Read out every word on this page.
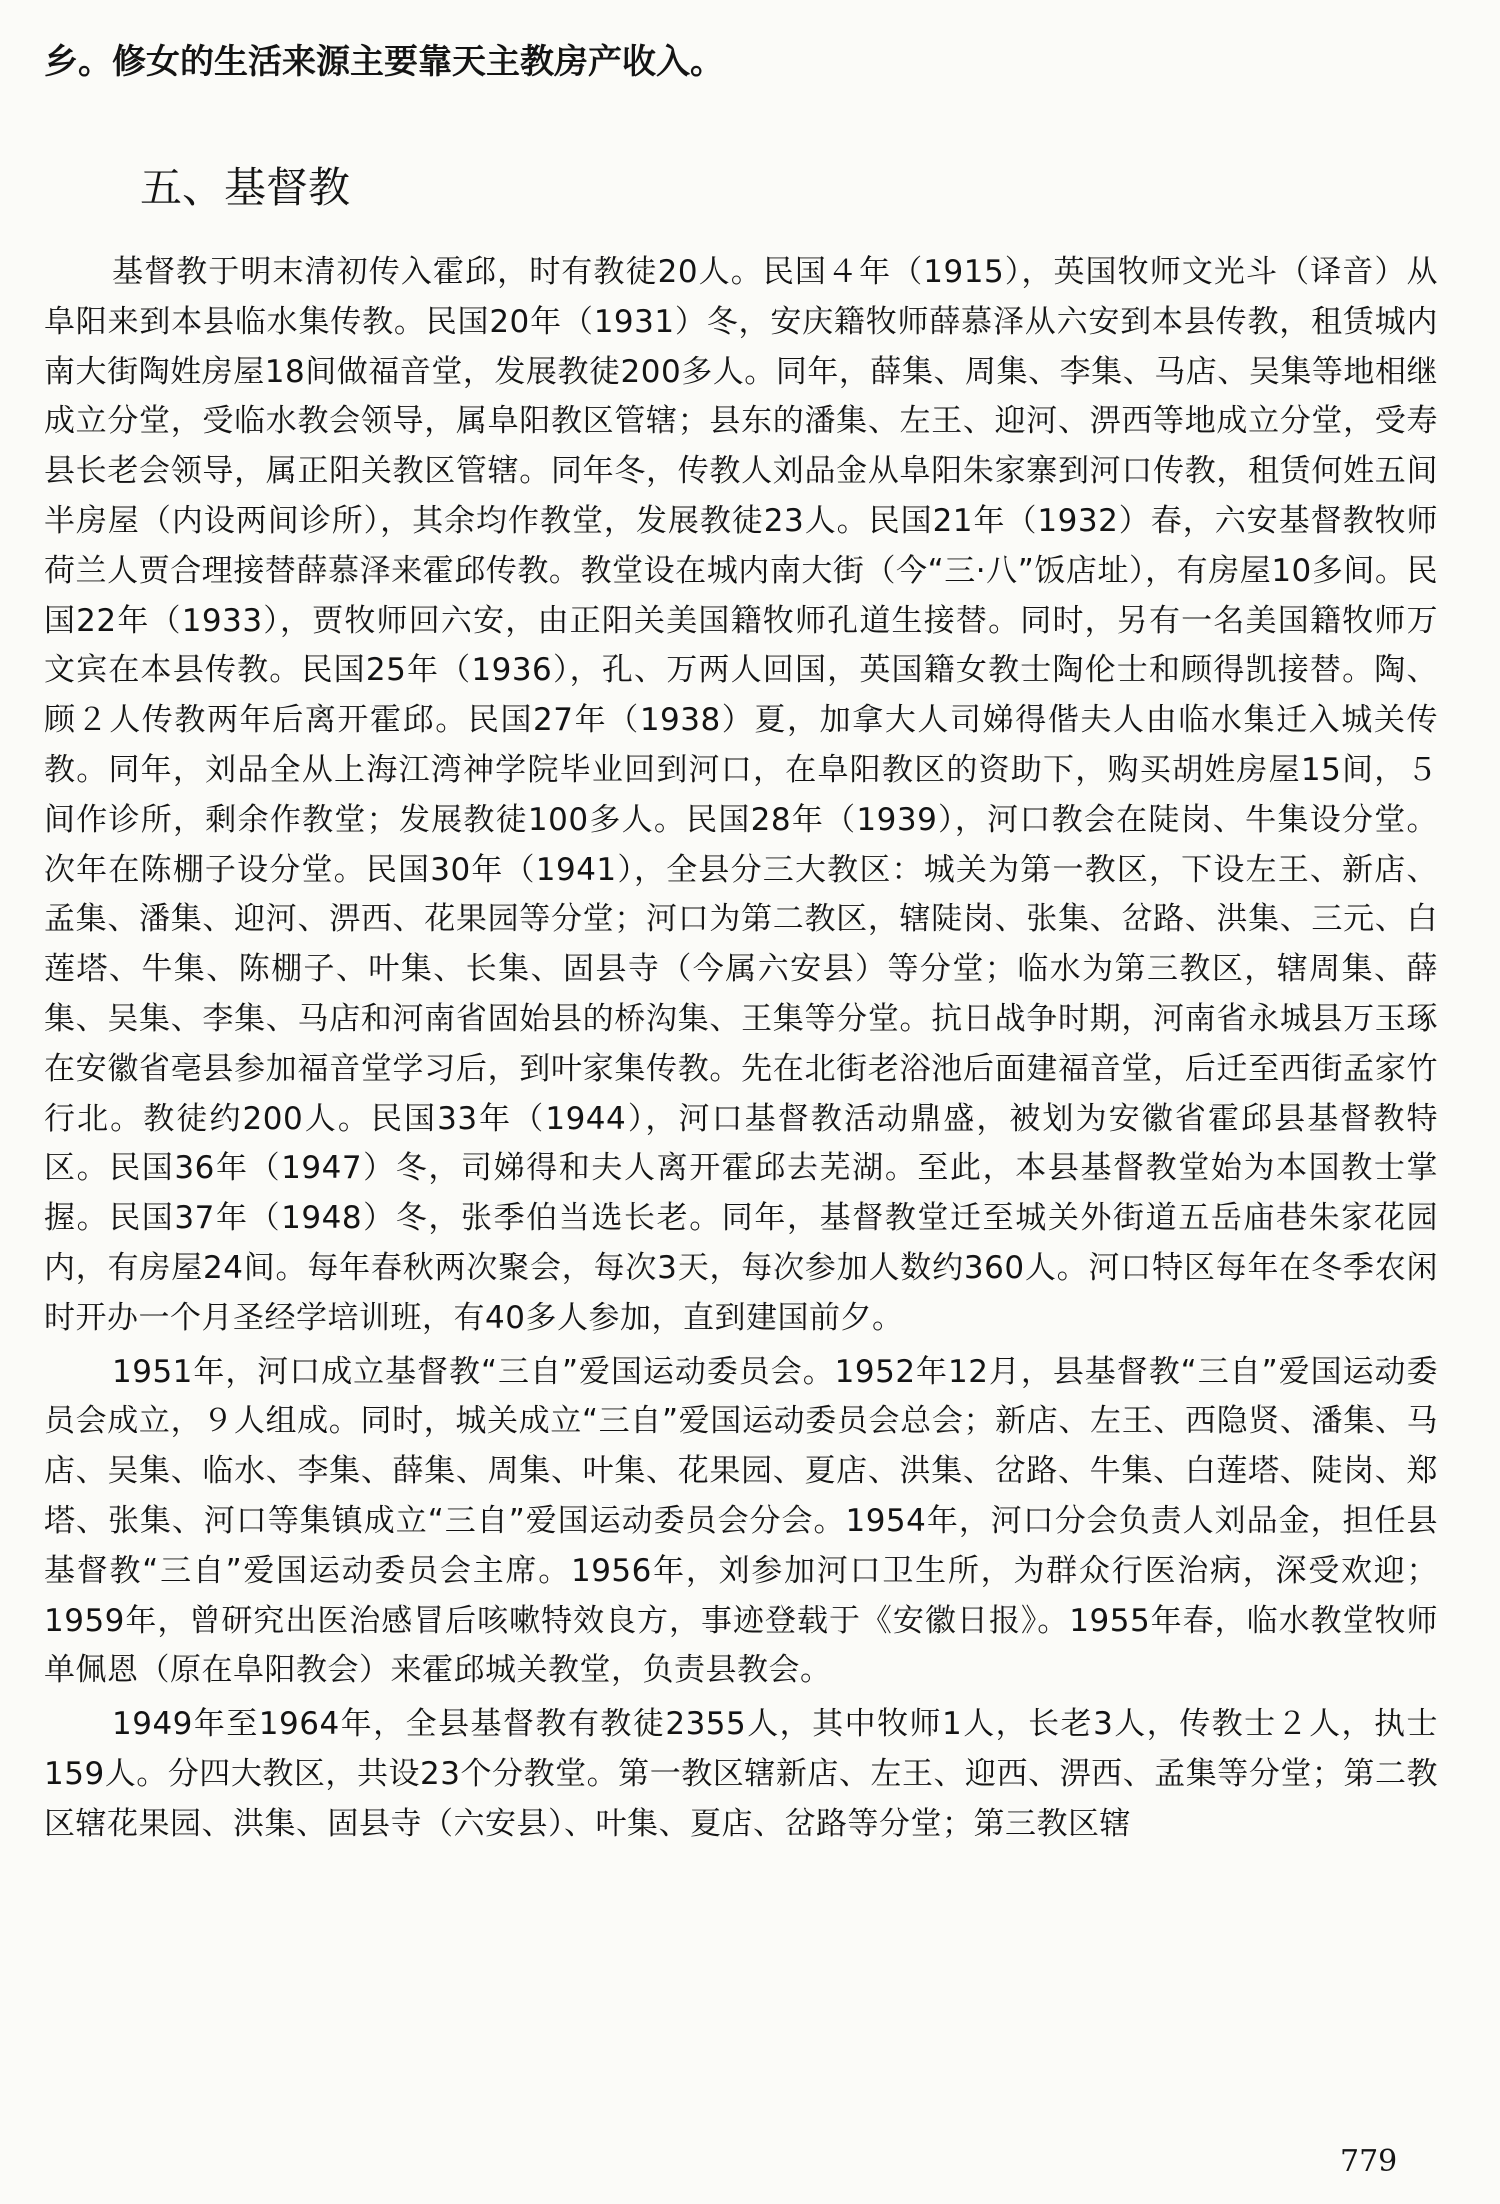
乡。修女的生活来源主要靠天主教房产收入。

五、基督教

基督教于明末清初传入霍邱，时有教徒20人。民国４年（1915），英国牧师文光斗（译音）从阜阳来到本县临水集传教。民国20年（1931）冬，安庆籍牧师薛慕泽从六安到本县传教，租赁城内南大街陶姓房屋18间做福音堂，发展教徒200多人。同年，薛集、周集、李集、马店、吴集等地相继成立分堂，受临水教会领导，属阜阳教区管辖；县东的潘集、左王、迎河、淠西等地成立分堂，受寿县长老会领导，属正阳关教区管辖。同年冬，传教人刘品金从阜阳朱家寨到河口传教，租赁何姓五间半房屋（内设两间诊所），其余均作教堂，发展教徒23人。民国21年（1932）春，六安基督教牧师荷兰人贾合理接替薛慕泽来霍邱传教。教堂设在城内南大街（今“三·八”饭店址），有房屋10多间。民国22年（1933），贾牧师回六安，由正阳关美国籍牧师孔道生接替。同时，另有一名美国籍牧师万文宾在本县传教。民国25年（1936），孔、万两人回国，英国籍女教士陶伦士和顾得凯接替。陶、顾２人传教两年后离开霍邱。民国27年（1938）夏，加拿大人司娣得偕夫人由临水集迁入城关传教。同年，刘品全从上海江湾神学院毕业回到河口，在阜阳教区的资助下，购买胡姓房屋15间，５间作诊所，剩余作教堂；发展教徒100多人。民国28年（1939），河口教会在陡岗、牛集设分堂。次年在陈棚子设分堂。民国30年（1941），全县分三大教区：城关为第一教区，下设左王、新店、孟集、潘集、迎河、淠西、花果园等分堂；河口为第二教区，辖陡岗、张集、岔路、洪集、三元、白莲塔、牛集、陈棚子、叶集、长集、固县寺（今属六安县）等分堂；临水为第三教区，辖周集、薛集、吴集、李集、马店和河南省固始县的桥沟集、王集等分堂。抗日战争时期，河南省永城县万玉琢在安徽省亳县参加福音堂学习后，到叶家集传教。先在北街老浴池后面建福音堂，后迁至西街孟家竹行北。教徒约200人。民国33年（1944），河口基督教活动鼎盛，被划为安徽省霍邱县基督教特区。民国36年（1947）冬，司娣得和夫人离开霍邱去芜湖。至此，本县基督教堂始为本国教士掌握。民国37年（1948）冬，张季伯当选长老。同年，基督教堂迁至城关外街道五岳庙巷朱家花园内，有房屋24间。每年春秋两次聚会，每次3天，每次参加人数约360人。河口特区每年在冬季农闲时开办一个月圣经学培训班，有40多人参加，直到建国前夕。

1951年，河口成立基督教“三自”爱国运动委员会。1952年12月，县基督教“三自”爱国运动委员会成立，９人组成。同时，城关成立“三自”爱国运动委员会总会；新店、左王、西隐贤、潘集、马店、吴集、临水、李集、薛集、周集、叶集、花果园、夏店、洪集、岔路、牛集、白莲塔、陡岗、郑塔、张集、河口等集镇成立“三自”爱国运动委员会分会。1954年，河口分会负责人刘品金，担任县基督教“三自”爱国运动委员会主席。1956年，刘参加河口卫生所，为群众行医治病，深受欢迎；1959年，曾研究出医治感冒后咳嗽特效良方，事迹登载于《安徽日报》。1955年春，临水教堂牧师单佩恩（原在阜阳教会）来霍邱城关教堂，负责县教会。

1949年至1964年，全县基督教有教徒2355人，其中牧师1人，长老3人，传教士２人，执士159人。分四大教区，共设23个分教堂。第一教区辖新店、左王、迎西、淠西、孟集等分堂；第二教区辖花果园、洪集、固县寺（六安县）、叶集、夏店、岔路等分堂；第三教区辖

779
